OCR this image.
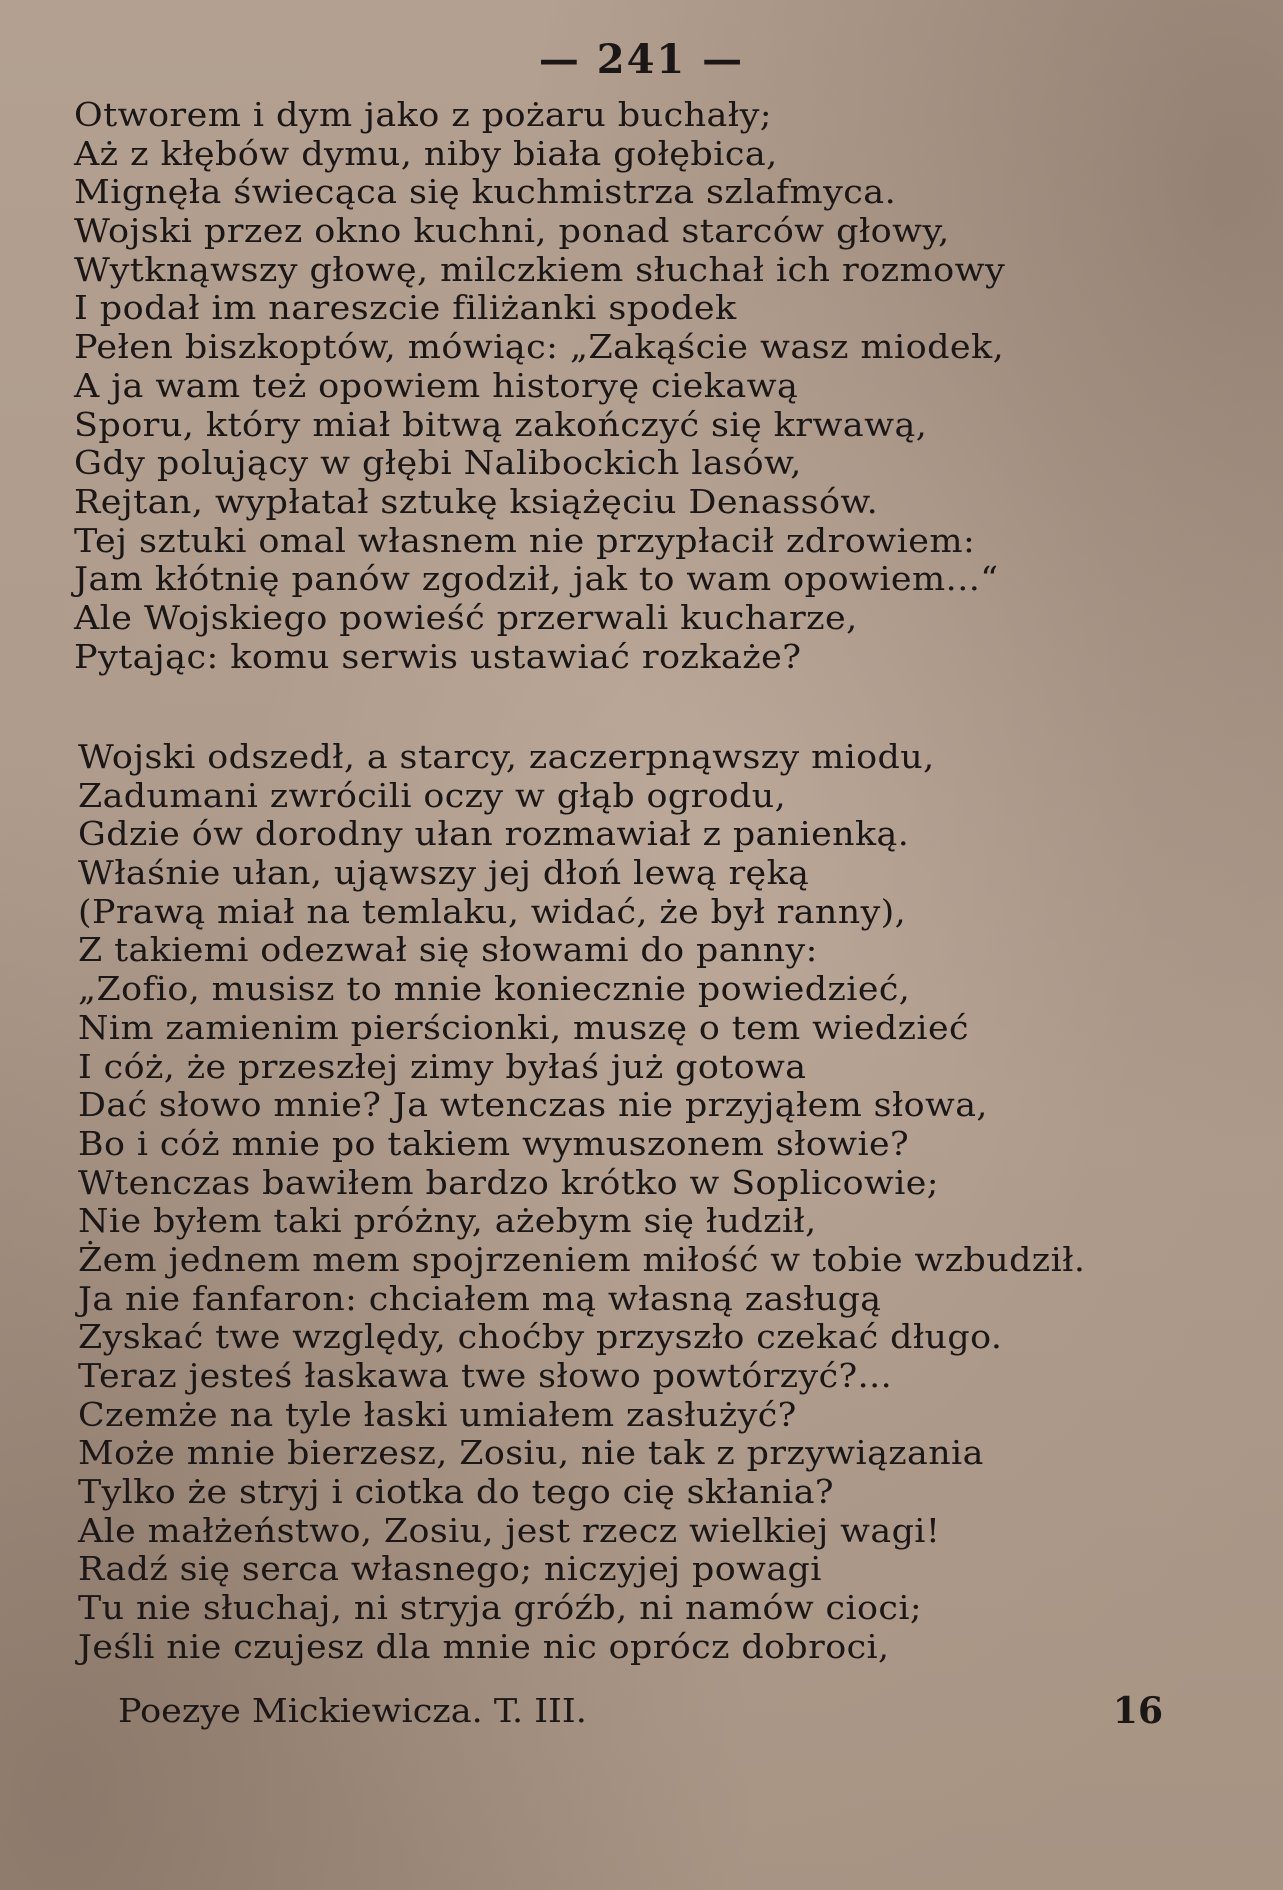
— 241 —
Otworem i dym jako z pożaru buchały;
Aż z kłębów dymu, niby biała gołębica,
Mignęła świecąca się kuchmistrza szlafmyca.
Wojski przez okno kuchni, ponad starców głowy,
Wytknąwszy głowę, milczkiem słuchał ich rozmowy
I podał im nareszcie filiżanki spodek
Pełen biszkoptów, mówiąc: „Zakąście wasz miodek,
A ja wam też opowiem historyę ciekawą
Sporu, który miał bitwą zakończyć się krwawą,
Gdy polujący w głębi Nalibockich lasów,
Rejtan, wypłatał sztukę książęciu Denassów.
Tej sztuki omal własnem nie przypłacił zdrowiem:
Jam kłótnię panów zgodził, jak to wam opowiem...“
Ale Wojskiego powieść przerwali kucharze,
Pytając: komu serwis ustawiać rozkaże?
Wojski odszedł, a starcy, zaczerpnąwszy miodu,
Zadumani zwrócili oczy w głąb ogrodu,
Gdzie ów dorodny ułan rozmawiał z panienką.
Właśnie ułan, ująwszy jej dłoń lewą ręką
(Prawą miał na temlaku, widać, że był ranny),
Z takiemi odezwał się słowami do panny:
„Zofio, musisz to mnie koniecznie powiedzieć,
Nim zamienim pierścionki, muszę o tem wiedzieć
I cóż, że przeszłej zimy byłaś już gotowa
Dać słowo mnie? Ja wtenczas nie przyjąłem słowa,
Bo i cóż mnie po takiem wymuszonem słowie?
Wtenczas bawiłem bardzo krótko w Soplicowie;
Nie byłem taki próżny, ażebym się łudził,
Żem jednem mem spojrzeniem miłość w tobie wzbudził.
Ja nie fanfaron: chciałem mą własną zasługą
Zyskać twe względy, choćby przyszło czekać długo.
Teraz jesteś łaskawa twe słowo powtórzyć?...
Czemże na tyle łaski umiałem zasłużyć?
Może mnie bierzesz, Zosiu, nie tak z przywiązania
Tylko że stryj i ciotka do tego cię skłania?
Ale małżeństwo, Zosiu, jest rzecz wielkiej wagi!
Radź się serca własnego; niczyjej powagi
Tu nie słuchaj, ni stryja gróźb, ni namów cioci;
Jeśli nie czujesz dla mnie nic oprócz dobroci,
Poezye Mickiewicza. T. III.	16
